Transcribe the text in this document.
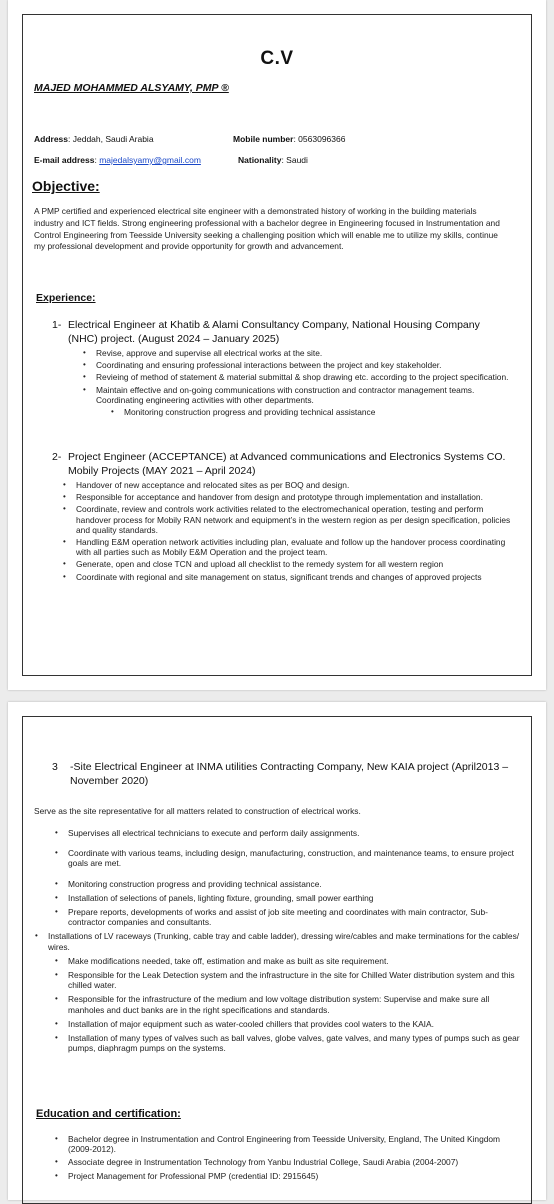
C.V
MAJED MOHAMMED ALSYAMY, PMP ®
Address: Jeddah, Saudi Arabia	Mobile number: 0563096366
E-mail address: majedalsyamy@gmail.com	Nationality: Saudi
Objective:
A PMP certified and experienced electrical site engineer with a demonstrated history of working in the building materials industry and ICT fields. Strong engineering professional with a bachelor degree in Engineering focused in Instrumentation and Control Engineering from Teesside University seeking a challenging position which will enable me to utilize my skills, continue my professional development and provide opportunity for growth and advancement.
Experience:
1- Electrical Engineer at Khatib & Alami Consultancy Company, National Housing Company (NHC) project. (August 2024 – January 2025)
• Revise, approve and supervise all electrical works at the site.
• Coordinating and ensuring professional interactions between the project and key stakeholder.
• Revieing of method of statement & material submittal & shop drawing etc. according to the project specification.
• Maintain effective and on-going communications with construction and contractor management teams. Coordinating engineering activities with other departments.
• Monitoring construction progress and providing technical assistance
2- Project Engineer (ACCEPTANCE) at Advanced communications and Electronics Systems CO. Mobily Projects (MAY 2021 – April 2024)
• Handover of new acceptance and relocated sites as per BOQ and design.
• Responsible for acceptance and handover from design and prototype through implementation and installation.
• Coordinate, review and controls work activities related to the electromechanical operation, testing and perform handover process for Mobily RAN network and equipment’s in the western region as per design specification, policies and quality standards.
• Handling E&M operation network activities including plan, evaluate and follow up the handover process coordinating with all parties such as Mobily E&M Operation and the project team.
• Generate, open and close TCN and upload all checklist to the remedy system for all western region
• Coordinate with regional and site management on status, significant trends and changes of approved projects
3 -Site Electrical Engineer at INMA utilities Contracting Company, New KAIA project (April2013 – November 2020)
Serve as the site representative for all matters related to construction of electrical works.
• Supervises all electrical technicians to execute and perform daily assignments.
• Coordinate with various teams, including design, manufacturing, construction, and maintenance teams, to ensure project goals are met.
• Monitoring construction progress and providing technical assistance.
• Installation of selections of panels, lighting fixture, grounding, small power earthing
• Prepare reports, developments of works and assist of job site meeting and coordinates with main contractor, Sub-contractor companies and consultants.
• Installations of LV raceways (Trunking, cable tray and cable ladder), dressing wire/cables and make terminations for the cables/ wires.
• Make modifications needed, take off, estimation and make as built as site requirement.
• Responsible for the Leak Detection system and the infrastructure in the site for Chilled Water distribution system and this chilled water.
• Responsible for the infrastructure of the medium and low voltage distribution system: Supervise and make sure all manholes and duct banks are in the right specifications and standards.
• Installation of major equipment such as water-cooled chillers that provides cool waters to the KAIA.
• Installation of many types of valves such as ball valves, globe valves, gate valves, and many types of pumps such as gear pumps, diaphragm pumps on the systems.
Education and certification:
• Bachelor degree in Instrumentation and Control Engineering from Teesside University, England, The United Kingdom (2009-2012).
• Associate degree in Instrumentation Technology from Yanbu Industrial College, Saudi Arabia (2004-2007)
• Project Management for Professional PMP (credential ID: 2915645)
